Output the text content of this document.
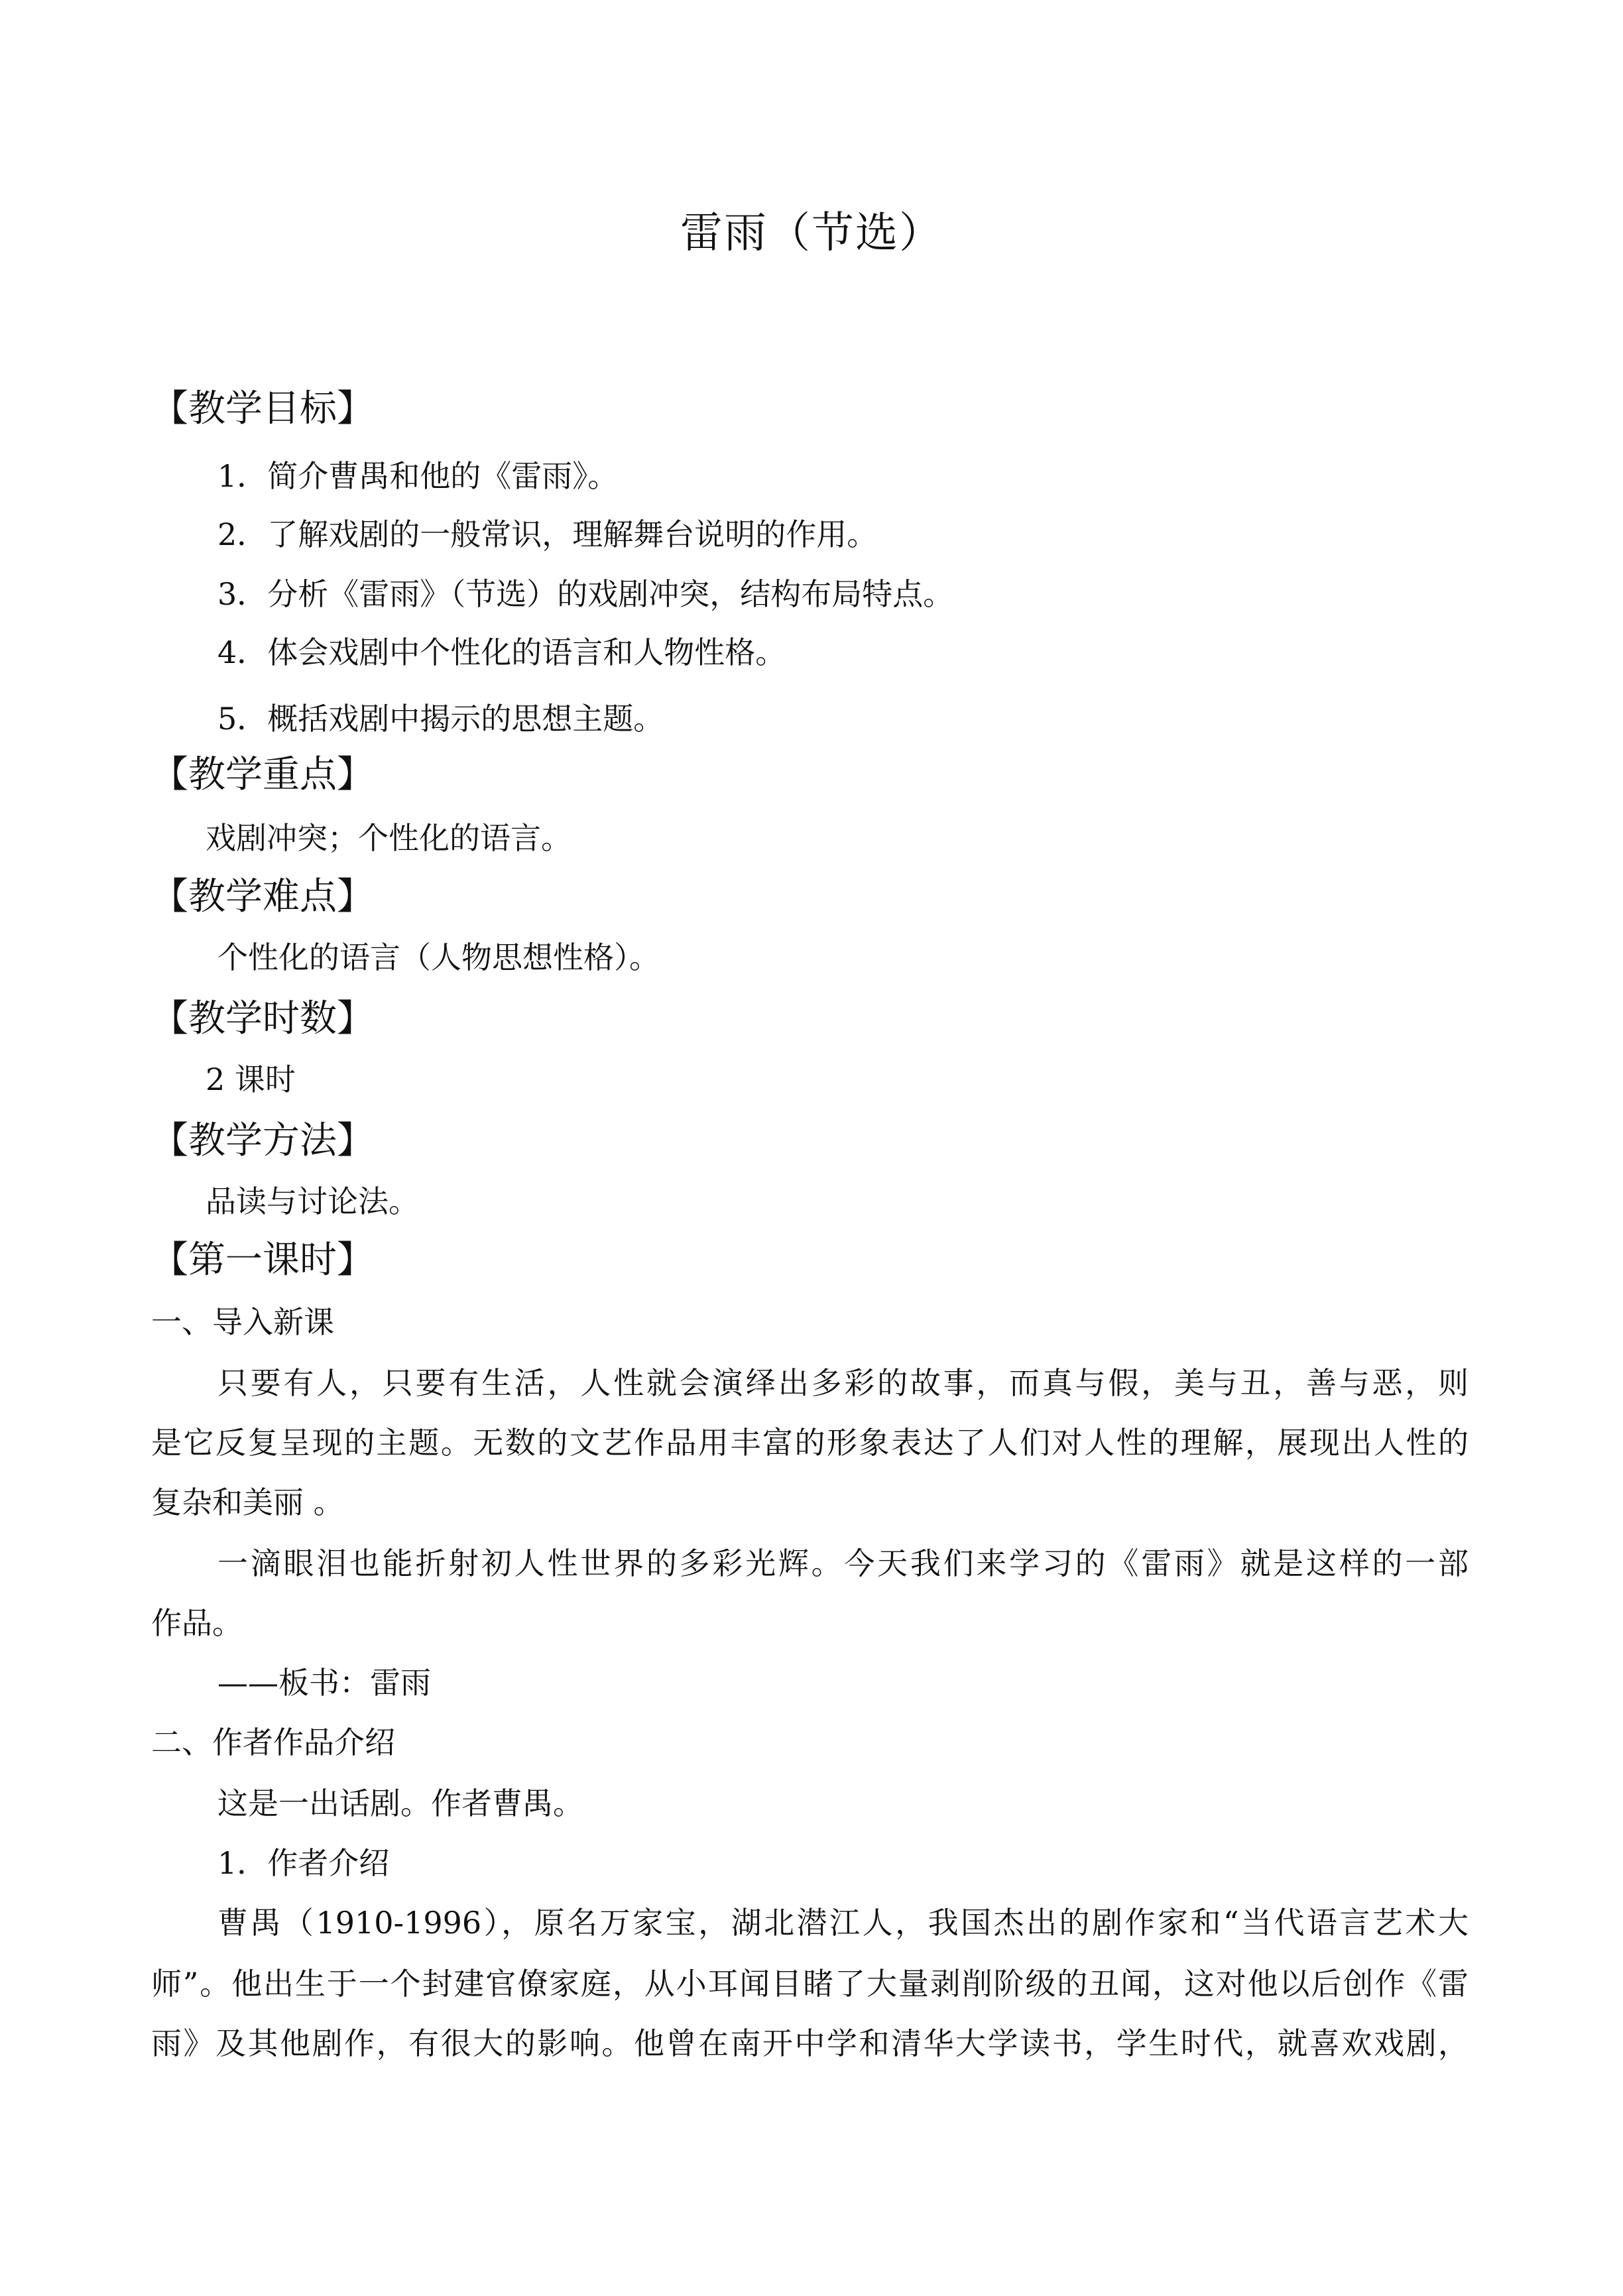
雷雨（节选）
【教学目标】
1．简介曹禺和他的《雷雨》。
2．了解戏剧的一般常识，理解舞台说明的作用。
3．分析《雷雨》（节选）的戏剧冲突，结构布局特点。
4．体会戏剧中个性化的语言和人物性格。
5．概括戏剧中揭示的思想主题。
【教学重点】
戏剧冲突；个性化的语言。
【教学难点】
个性化的语言（人物思想性格）。
【教学时数】
2 课时
【教学方法】
品读与讨论法。
【第一课时】
一、导入新课
只要有人，只要有生活，人性就会演绎出多彩的故事，而真与假，美与丑，善与恶，则
是它反复呈现的主题。无数的文艺作品用丰富的形象表达了人们对人性的理解，展现出人性的
复杂和美丽 。
一滴眼泪也能折射初人性世界的多彩光辉。今天我们来学习的《雷雨》就是这样的一部
作品。
——板书：雷雨
二、作者作品介绍
这是一出话剧。作者曹禺。
1．作者介绍
曹禺（1910-1996），原名万家宝，湖北潜江人，我国杰出的剧作家和“当代语言艺术大
师”。他出生于一个封建官僚家庭，从小耳闻目睹了大量剥削阶级的丑闻，这对他以后创作《雷
雨》及其他剧作，有很大的影响。他曾在南开中学和清华大学读书，学生时代，就喜欢戏剧，
